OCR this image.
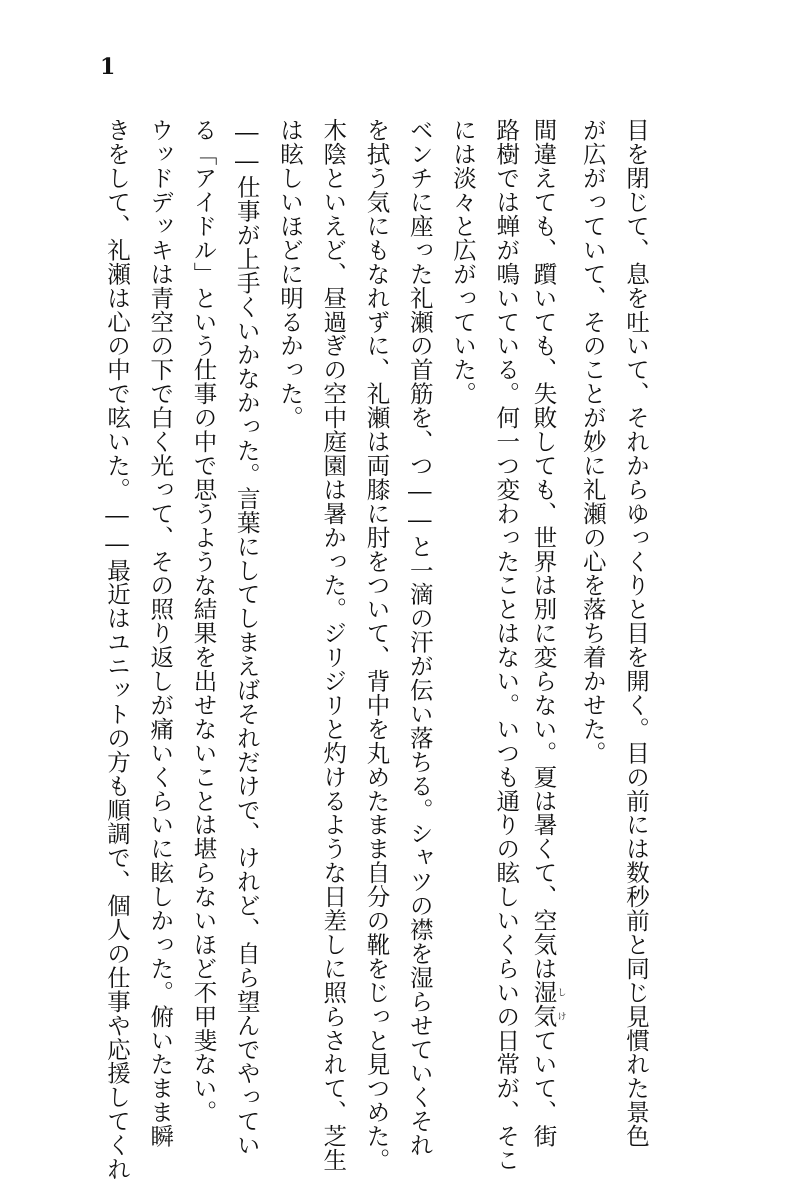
1
目を閉じて、息を吐いて、それからゆっくりと目を開く。目の前には数秒前と同じ見慣れた景色
が広がっていて、そのことが妙に礼瀬の心を落ち着かせた。
間違えても、躓いても、失敗しても、世界は別に変らない。夏は暑くて、空気は湿気しけていて、街
路樹では蝉が鳴いている。何一つ変わったことはない。いつも通りの眩しいくらいの日常が、そこ
には淡々と広がっていた。
ベンチに座った礼瀬の首筋を、つ――と一滴の汗が伝い落ちる。シャツの襟を湿らせていくそれ
を拭う気にもなれずに、礼瀬は両膝に肘をついて、背中を丸めたまま自分の靴をじっと見つめた。
木陰といえど、昼過ぎの空中庭園は暑かった。ジリジリと灼けるような日差しに照らされて、芝生
は眩しいほどに明るかった。
――仕事が上手くいかなかった。言葉にしてしまえばそれだけで、けれど、自ら望んでやってい
る「アイドル」という仕事の中で思うような結果を出せないことは堪らないほど不甲斐ない。
ウッドデッキは青空の下で白く光って、その照り返しが痛いくらいに眩しかった。俯いたまま瞬
きをして、礼瀬は心の中で呟いた。――最近はユニットの方も順調で、個人の仕事や応援してくれ
